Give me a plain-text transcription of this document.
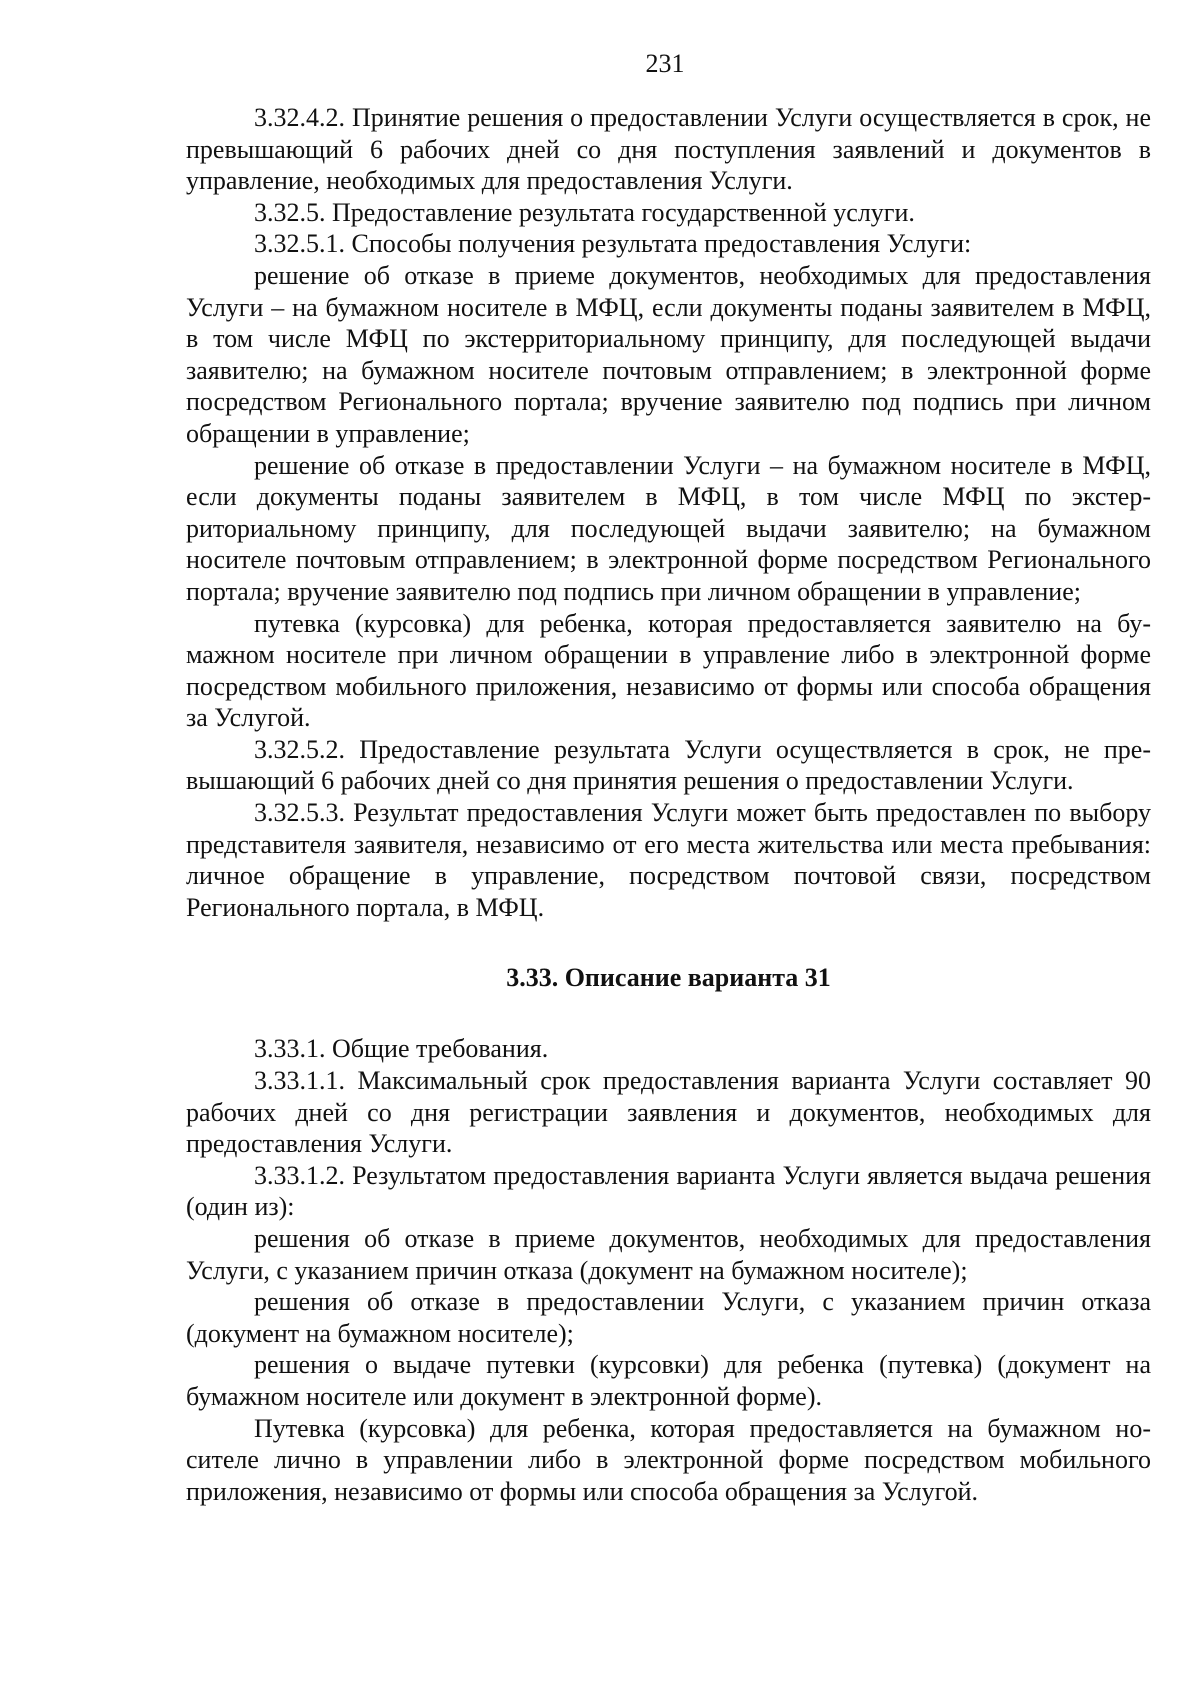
231

3.32.4.2. Принятие решения о предоставлении Услуги осуществляется в срок, не превышающий 6 рабочих дней со дня поступления заявлений и документов в управление, необходимых для предоставления Услуги.

3.32.5. Предоставление результата государственной услуги.

3.32.5.1. Способы получения результата предоставления Услуги:

решение об отказе в приеме документов, необходимых для предоставления Услуги – на бумажном носителе в МФЦ, если документы поданы заявителем в МФЦ, в том числе МФЦ по экстерриториальному принципу, для последующей выдачи заявителю; на бумажном носителе почтовым отправлением; в электронной форме посредством Регионального портала; вручение заявителю под подпись при личном обращении в управление;

решение об отказе в предоставлении Услуги – на бумажном носителе в МФЦ, если документы поданы заявителем в МФЦ, в том числе МФЦ по экстерриториальному принципу, для последующей выдачи заявителю; на бумажном носителе почтовым отправлением; в электронной форме посредством Регионального портала; вручение заявителю под подпись при личном обращении в управление;

путевка (курсовка) для ребенка, которая предоставляется заявителю на бумажном носителе при личном обращении в управление либо в электронной форме посредством мобильного приложения, независимо от формы или способа обращения за Услугой.

3.32.5.2. Предоставление результата Услуги осуществляется в срок, не превышающий 6 рабочих дней со дня принятия решения о предоставлении Услуги.

3.32.5.3. Результат предоставления Услуги может быть предоставлен по выбору представителя заявителя, независимо от его места жительства или места пребывания: личное обращение в управление, посредством почтовой связи, посредством Регионального портала, в МФЦ.

3.33. Описание варианта 31

3.33.1. Общие требования.

3.33.1.1. Максимальный срок предоставления варианта Услуги составляет 90 рабочих дней со дня регистрации заявления и документов, необходимых для предоставления Услуги.

3.33.1.2. Результатом предоставления варианта Услуги является выдача решения (один из):

решения об отказе в приеме документов, необходимых для предоставления Услуги, с указанием причин отказа (документ на бумажном носителе);

решения об отказе в предоставлении Услуги, с указанием причин отказа (документ на бумажном носителе);

решения о выдаче путевки (курсовки) для ребенка (путевка) (документ на бумажном носителе или документ в электронной форме).

Путевка (курсовка) для ребенка, которая предоставляется на бумажном носителе лично в управлении либо в электронной форме посредством мобильного приложения, независимо от формы или способа обращения за Услугой.
